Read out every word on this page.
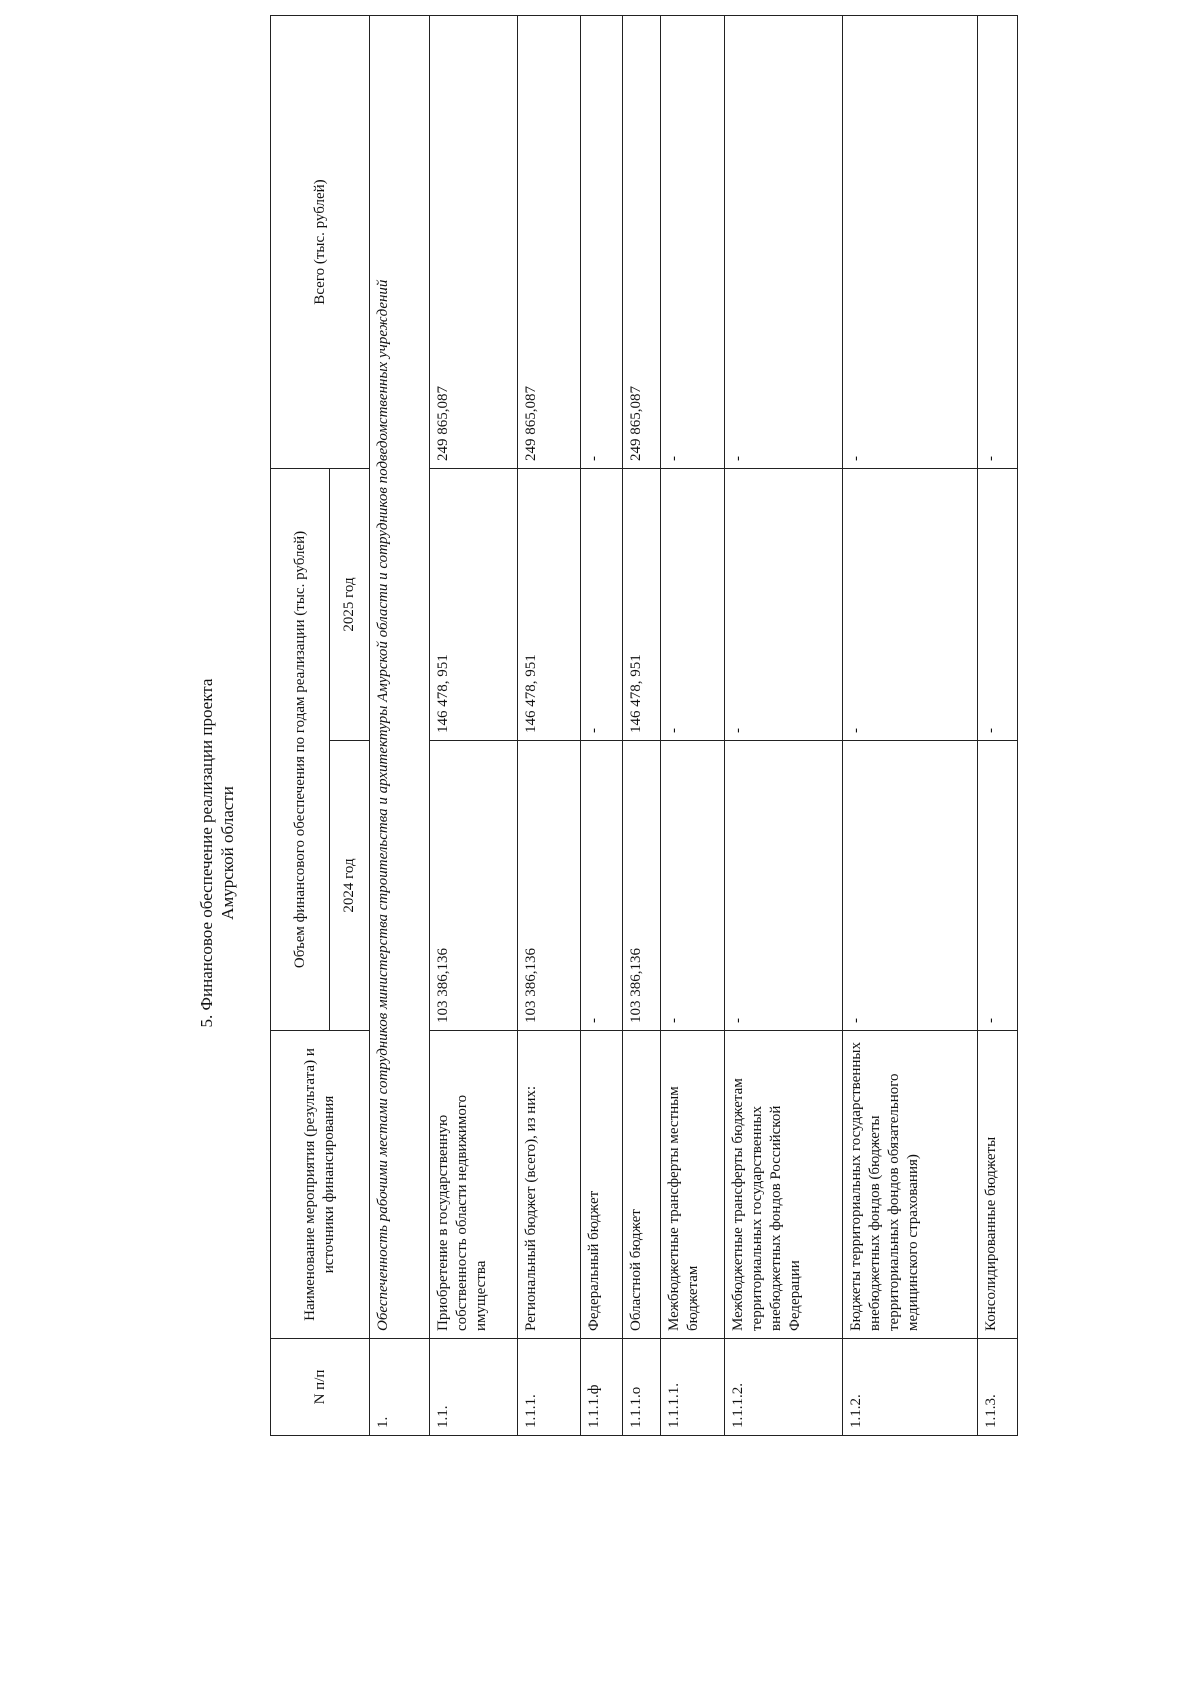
5. Финансовое обеспечение реализации проекта Амурской области
N п/п	Наименование мероприятия (результата) и источники финансирования	Объем финансового обеспечения по годам реализации (тыс. рублей)		Всего (тыс. рублей)
		2024 год	2025 год	
1.	Обеспеченность рабочими местами сотрудников министерства строительства и архитектуры Амурской области и сотрудников подведомственных учреждений			
1.1.	Приобретение в государственную собственность области недвижимого имущества	103 386,136	146 478, 951	249 865,087
1.1.1.	Региональный бюджет (всего), из них:	103 386,136	146 478, 951	249 865,087
1.1.1.ф	Федеральный бюджет	-	-	-
1.1.1.о	Областной бюджет	103 386,136	146 478, 951	249 865,087
1.1.1.1.	Межбюджетные трансферты местным бюджетам	-	-	-
1.1.1.2.	Межбюджетные трансферты бюджетам территориальных государственных внебюджетных фондов Российской Федерации	-	-	-
1.1.2.	Бюджеты территориальных государственных внебюджетных фондов (бюджеты территориальных фондов обязательного медицинского страхования)	-	-	-
1.1.3.	Консолидированные бюджеты	-	-	-
